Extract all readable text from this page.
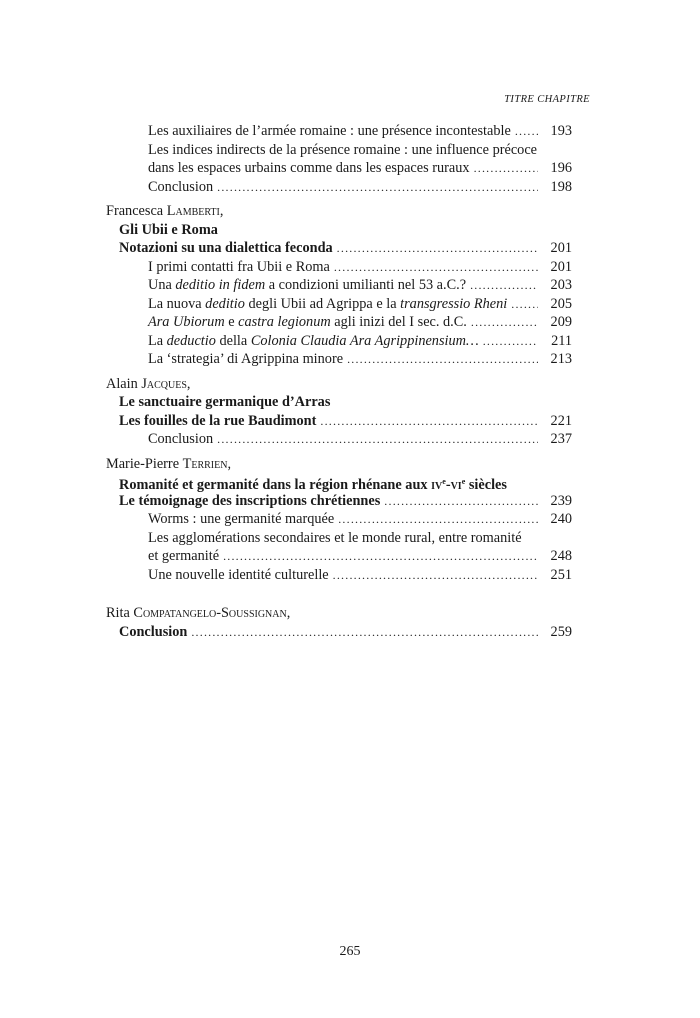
TITRE CHAPITRE
Les auxiliaires de l’armée romaine : une présence incontestable .....	193
Les indices indirects de la présence romaine : une influence précoce
dans les espaces urbains comme dans les espaces ruraux .....	196
Conclusion .....	198
Francesca Lamberti,
Gli Ubii e Roma
Notazioni su una dialettica feconda .....	201
I primi contatti fra Ubii e Roma .....	201
Una deditio in fidem a condizioni umilianti nel 53 a.C.? .....	203
La nuova deditio degli Ubii ad Agrippa e la transgressio Rheni .....	205
Ara Ubiorum e castra legionum agli inizi del I sec. d.C. .....	209
La deductio della Colonia Claudia Ara Agrippinensium… .....	211
La ‘strategia’ di Agrippina minore .....	213
Alain Jacques,
Le sanctuaire germanique d’Arras
Les fouilles de la rue Baudimont .....	221
Conclusion .....	237
Marie-Pierre Terrien,
Romanité et germanité dans la région rhénane aux $iv^e-vi^e$ siècles
Le témoignage des inscriptions chrétiennes .....	239
Worms : une germanité marquée .....	240
Les agglomérations secondaires et le monde rural, entre romanité
et germanité .....	248
Une nouvelle identité culturelle .....	251
Rita Compatangelo-Soussignan,
Conclusion .....	259
265
